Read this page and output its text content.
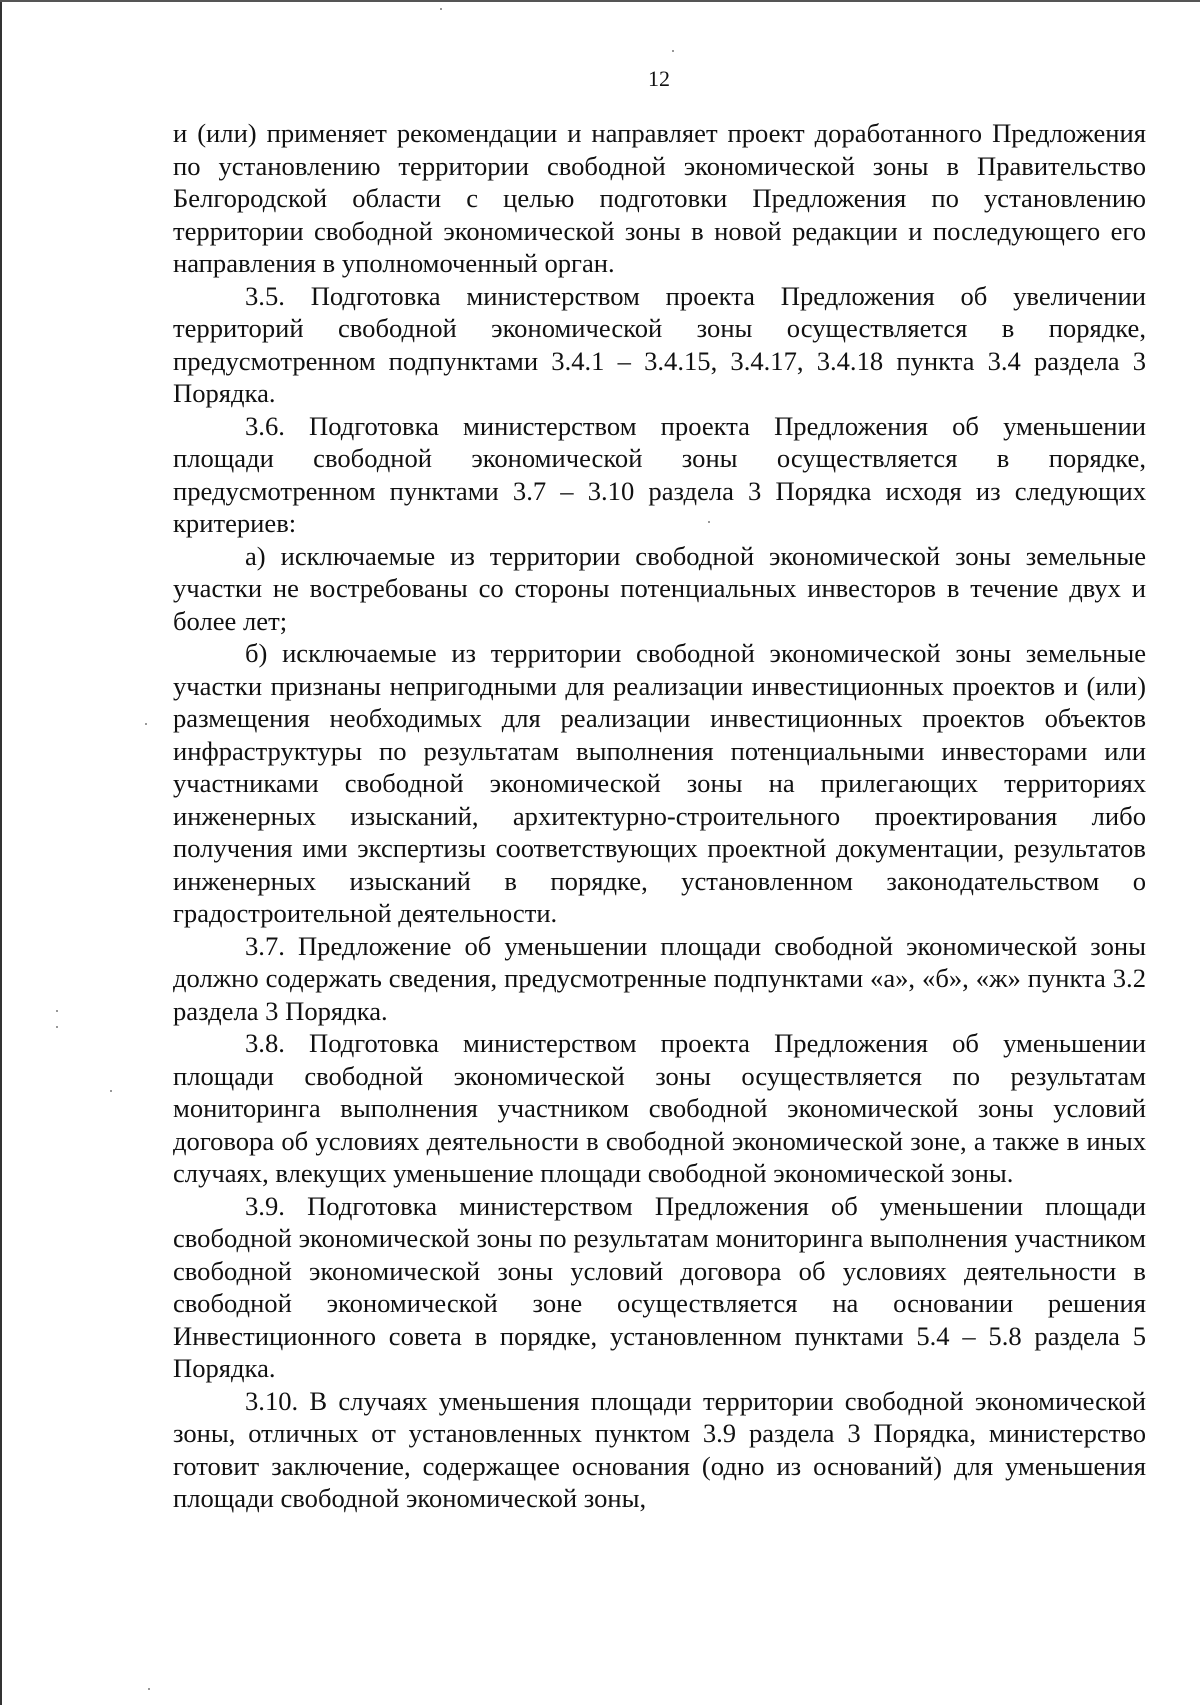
12

и (или) применяет рекомендации и направляет проект доработанного Предложения по установлению территории свободной экономической зоны в Правительство Белгородской области с целью подготовки Предложения по установлению территории свободной экономической зоны в новой редакции и последующего его направления в уполномоченный орган.

3.5. Подготовка министерством проекта Предложения об увеличении территорий свободной экономической зоны осуществляется в порядке, предусмотренном подпунктами 3.4.1 – 3.4.15, 3.4.17, 3.4.18 пункта 3.4 раздела 3 Порядка.

3.6. Подготовка министерством проекта Предложения об уменьшении площади свободной экономической зоны осуществляется в порядке, предусмотренном пунктами 3.7 – 3.10 раздела 3 Порядка исходя из следующих критериев:

а) исключаемые из территории свободной экономической зоны земельные участки не востребованы со стороны потенциальных инвесторов в течение двух и более лет;

б) исключаемые из территории свободной экономической зоны земельные участки признаны непригодными для реализации инвестиционных проектов и (или) размещения необходимых для реализации инвестиционных проектов объектов инфраструктуры по результатам выполнения потенциальными инвесторами или участниками свободной экономической зоны на прилегающих территориях инженерных изысканий, архитектурно-строительного проектирования либо получения ими экспертизы соответствующих проектной документации, результатов инженерных изысканий в порядке, установленном законодательством о градостроительной деятельности.

3.7. Предложение об уменьшении площади свободной экономической зоны должно содержать сведения, предусмотренные подпунктами «а», «б», «ж» пункта 3.2 раздела 3 Порядка.

3.8. Подготовка министерством проекта Предложения об уменьшении площади свободной экономической зоны осуществляется по результатам мониторинга выполнения участником свободной экономической зоны условий договора об условиях деятельности в свободной экономической зоне, а также в иных случаях, влекущих уменьшение площади свободной экономической зоны.

3.9. Подготовка министерством Предложения об уменьшении площади свободной экономической зоны по результатам мониторинга выполнения участником свободной экономической зоны условий договора об условиях деятельности в свободной экономической зоне осуществляется на основании решения Инвестиционного совета в порядке, установленном пунктами 5.4 – 5.8 раздела 5 Порядка.

3.10. В случаях уменьшения площади территории свободной экономической зоны, отличных от установленных пунктом 3.9 раздела 3 Порядка, министерство готовит заключение, содержащее основания (одно из оснований) для уменьшения площади свободной экономической зоны,
